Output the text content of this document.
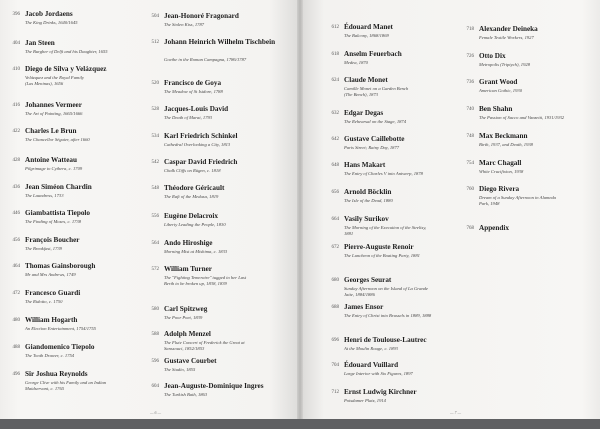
396 Jacob Jordaens
The King Drinks, 1640/1645
404 Jan Steen
The Burgher of Delft and his Daughter, 1655
410 Diego de Silva y Velázquez
Velázquez and the Royal Family
(Las Meninas), 1656
416 Johannes Vermeer
The Art of Painting, 1665/1666
422 Charles Le Brun
The Chancellor Séguier, after 1660
428 Antoine Watteau
Pilgrimage to Cythera, c. 1709
436 Jean Siméon Chardin
The Laundress, 1733
446 Giambattista Tiepolo
The Finding of Moses, c. 1738
456 François Boucher
The Breakfast, 1739
464 Thomas Gainsborough
Mr and Mrs Andrews, 1749
472 Francesco Guardi
The Ridotto, c. 1750
480 William Hogarth
An Election Entertainment, 1754/1755
488 Giandomenico Tiepolo
The Tooth Drawer, c. 1754
496 Sir Joshua Reynolds
George Clive with his Family and an Indian
Maidservant, c. 1765
504 Jean-Honoré Fragonard
The Stolen Kiss, 1787
512 Johann Heinrich Wilhelm Tischbein
Goethe in the Roman Campagna, 1786/1787
520 Francisco de Goya
The Meadow of St Isidore, 1788
528 Jacques-Louis David
The Death of Marat, 1793
534 Karl Friedrich Schinkel
Cathedral Overlooking a City, 1813
542 Caspar David Friedrich
Chalk Cliffs on Rügen, c. 1818
548 Théodore Géricault
The Raft of the Medusa, 1819
556 Eugène Delacroix
Liberty Leading the People, 1830
564 Ando Hiroshige
Morning Mist at Mishima, c. 1833
572 William Turner
The "Fighting Temeraire" tugged to her Last
Berth to be broken up, 1838, 1839
580 Carl Spitzweg
The Poor Poet, 1839
588 Adolph Menzel
The Flute Concert of Frederick the Great at
Sanssouci, 1852/1853
596 Gustave Courbet
The Studio, 1855
604 Jean-Auguste-Dominique Ingres
The Turkish Bath, 1863
612 Édouard Manet
The Balcony, 1868/1869
618 Anselm Feuerbach
Medea, 1870
624 Claude Monet
Camille Monet on a Garden Bench
(The Bench), 1873
632 Edgar Degas
The Rehearsal on the Stage, 1874
642 Gustave Caillebotte
Paris Street; Rainy Day, 1877
648 Hans Makart
The Entry of Charles V into Antwerp, 1878
656 Arnold Böcklin
The Isle of the Dead, 1880
664 Vasily Surikov
The Morning of the Execution of the Streltsy,
1881
672 Pierre-Auguste Renoir
The Luncheon of the Boating Party, 1881
680 Georges Seurat
Sunday Afternoon on the Island of La Grande
Jatte, 1884/1886
688 James Ensor
The Entry of Christ into Brussels in 1889, 1888
696 Henri de Toulouse-Lautrec
At the Moulin Rouge, c. 1893
704 Édouard Vuillard
Large Interior with Six Figures, 1897
712 Ernst Ludwig Kirchner
Potsdamer Platz, 1914
718 Alexander Deineka
Female Textile Workers, 1927
726 Otto Dix
Metropolis (Triptych), 1928
736 Grant Wood
American Gothic, 1930
740 Ben Shahn
The Passion of Sacco and Vanzetti, 1931/1932
748 Max Beckmann
Birth, 1937, and Death, 1938
754 Marc Chagall
White Crucifixion, 1938
760 Diego Rivera
Dream of a Sunday Afternoon in Alameda
Park, 1948
768 Appendix
— 6 —	— 7 —
